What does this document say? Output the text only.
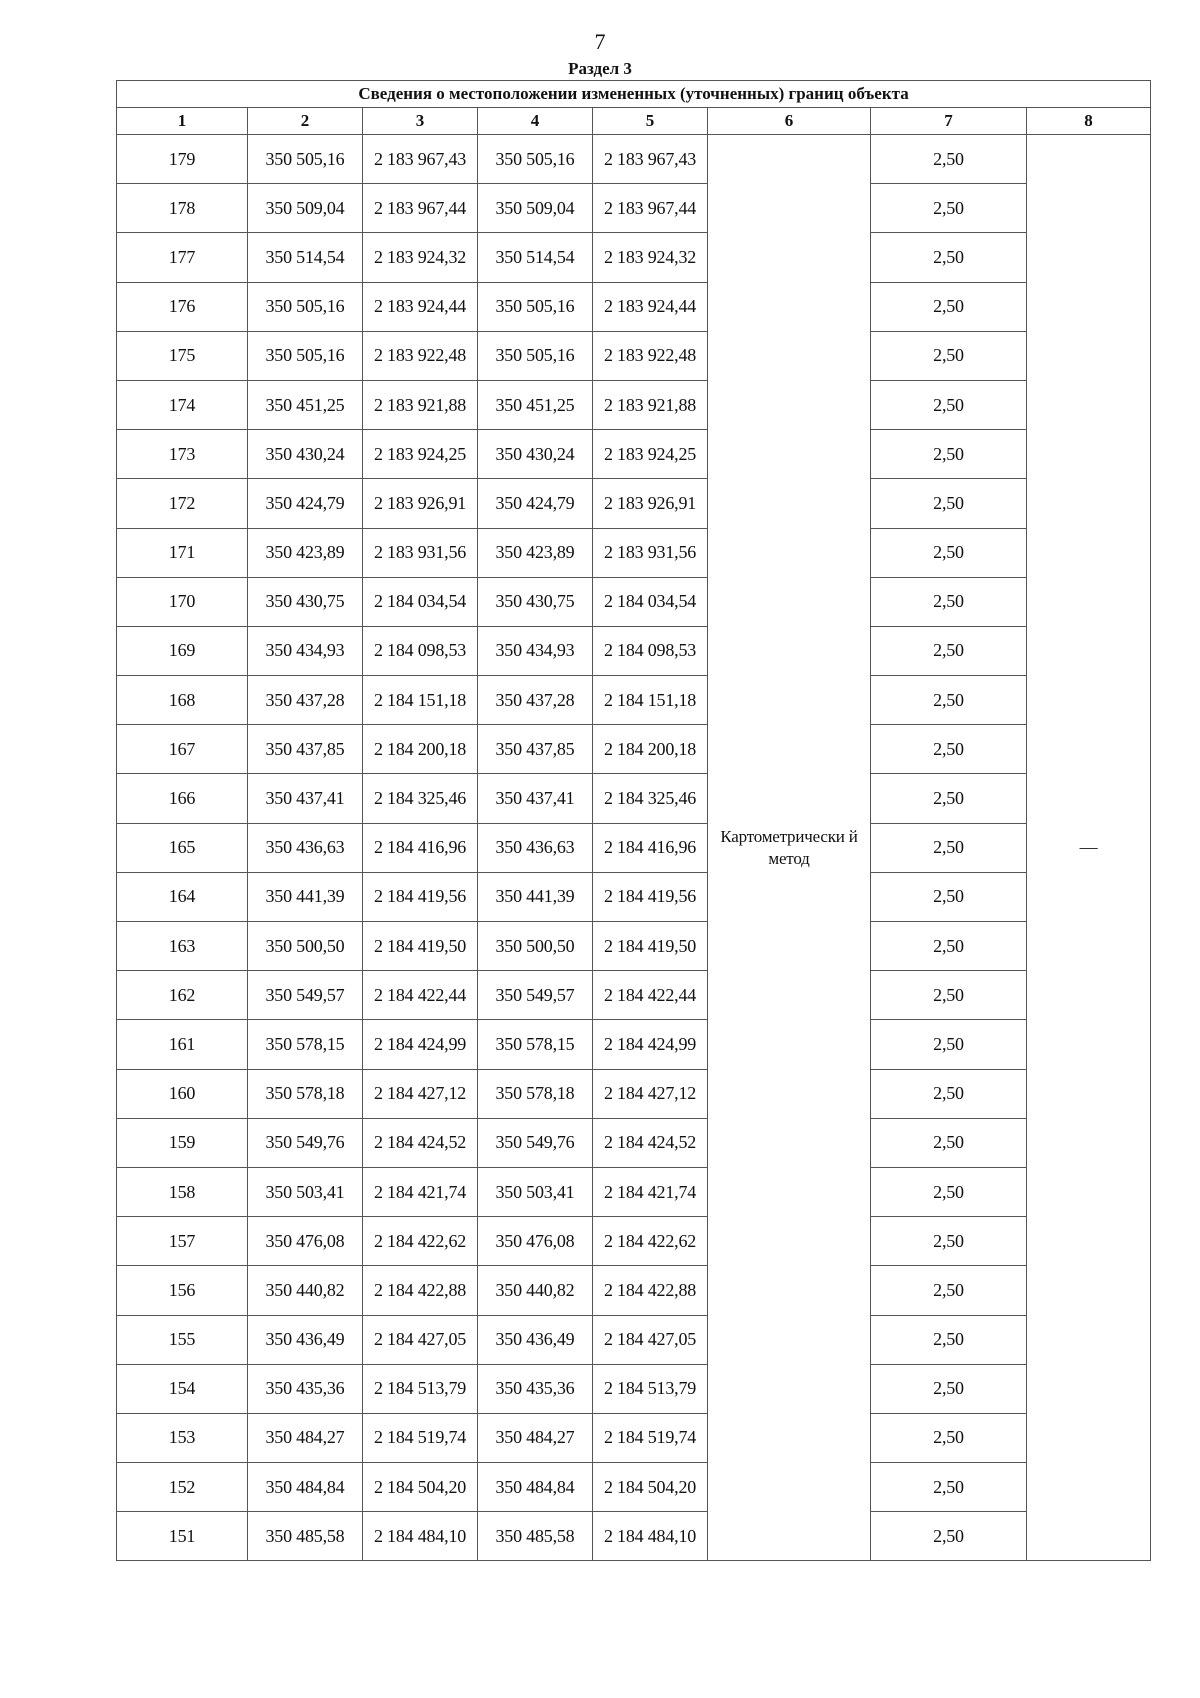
7
Раздел 3
Сведения о местоположении измененных (уточненных) границ объекта							
1	2	3	4	5	6	7	8
179	350 505,16	2 183 967,43	350 505,16	2 183 967,43	Картометрически й метод	2,50	—
178	350 509,04	2 183 967,44	350 509,04	2 183 967,44		2,50	
177	350 514,54	2 183 924,32	350 514,54	2 183 924,32		2,50	
176	350 505,16	2 183 924,44	350 505,16	2 183 924,44		2,50	
175	350 505,16	2 183 922,48	350 505,16	2 183 922,48		2,50	
174	350 451,25	2 183 921,88	350 451,25	2 183 921,88		2,50	
173	350 430,24	2 183 924,25	350 430,24	2 183 924,25		2,50	
172	350 424,79	2 183 926,91	350 424,79	2 183 926,91		2,50	
171	350 423,89	2 183 931,56	350 423,89	2 183 931,56		2,50	
170	350 430,75	2 184 034,54	350 430,75	2 184 034,54		2,50	
169	350 434,93	2 184 098,53	350 434,93	2 184 098,53		2,50	
168	350 437,28	2 184 151,18	350 437,28	2 184 151,18		2,50	
167	350 437,85	2 184 200,18	350 437,85	2 184 200,18		2,50	
166	350 437,41	2 184 325,46	350 437,41	2 184 325,46		2,50	
165	350 436,63	2 184 416,96	350 436,63	2 184 416,96		2,50	
164	350 441,39	2 184 419,56	350 441,39	2 184 419,56		2,50	
163	350 500,50	2 184 419,50	350 500,50	2 184 419,50		2,50	
162	350 549,57	2 184 422,44	350 549,57	2 184 422,44		2,50	
161	350 578,15	2 184 424,99	350 578,15	2 184 424,99		2,50	
160	350 578,18	2 184 427,12	350 578,18	2 184 427,12		2,50	
159	350 549,76	2 184 424,52	350 549,76	2 184 424,52		2,50	
158	350 503,41	2 184 421,74	350 503,41	2 184 421,74		2,50	
157	350 476,08	2 184 422,62	350 476,08	2 184 422,62		2,50	
156	350 440,82	2 184 422,88	350 440,82	2 184 422,88		2,50	
155	350 436,49	2 184 427,05	350 436,49	2 184 427,05		2,50	
154	350 435,36	2 184 513,79	350 435,36	2 184 513,79		2,50	
153	350 484,27	2 184 519,74	350 484,27	2 184 519,74		2,50	
152	350 484,84	2 184 504,20	350 484,84	2 184 504,20		2,50	
151	350 485,58	2 184 484,10	350 485,58	2 184 484,10		2,50	
